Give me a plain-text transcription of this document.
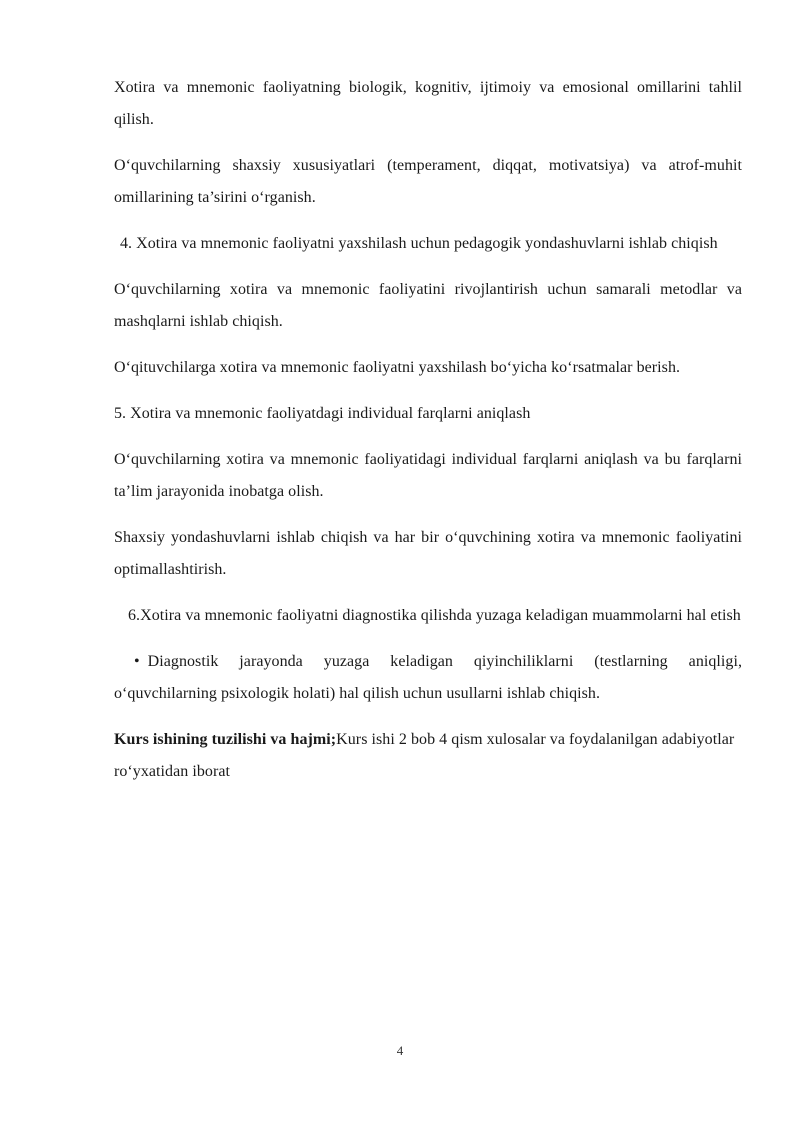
Xotira va mnemonic faoliyatning biologik, kognitiv, ijtimoiy va emosional omillarini tahlil qilish.

O‘quvchilarning shaxsiy xususiyatlari (temperament, diqqat, motivatsiya) va atrof-muhit omillarining ta’sirini o‘rganish.

4. Xotira va mnemonic faoliyatni yaxshilash uchun pedagogik yondashuvlarni ishlab chiqish

O‘quvchilarning xotira va mnemonic faoliyatini rivojlantirish uchun samarali metodlar va mashqlarni ishlab chiqish.

O‘qituvchilarga xotira va mnemonic faoliyatni yaxshilash bo‘yicha ko‘rsatmalar berish.

5. Xotira va mnemonic faoliyatdagi individual farqlarni aniqlash

O‘quvchilarning xotira va mnemonic faoliyatidagi individual farqlarni aniqlash va bu farqlarni ta’lim jarayonida inobatga olish.

Shaxsiy yondashuvlarni ishlab chiqish va har bir o‘quvchining xotira va mnemonic faoliyatini optimallashtirish.

6.Xotira va mnemonic faoliyatni diagnostika qilishda yuzaga keladigan muammolarni hal etish

• Diagnostik jarayonda yuzaga keladigan qiyinchiliklarni (testlarning aniqligi, o‘quvchilarning psixologik holati) hal qilish uchun usullarni ishlab chiqish.

Kurs ishining tuzilishi va hajmi;Kurs ishi 2 bob 4 qism xulosalar va foydalanilgan adabiyotlar ro‘yxatidan iborat

4
